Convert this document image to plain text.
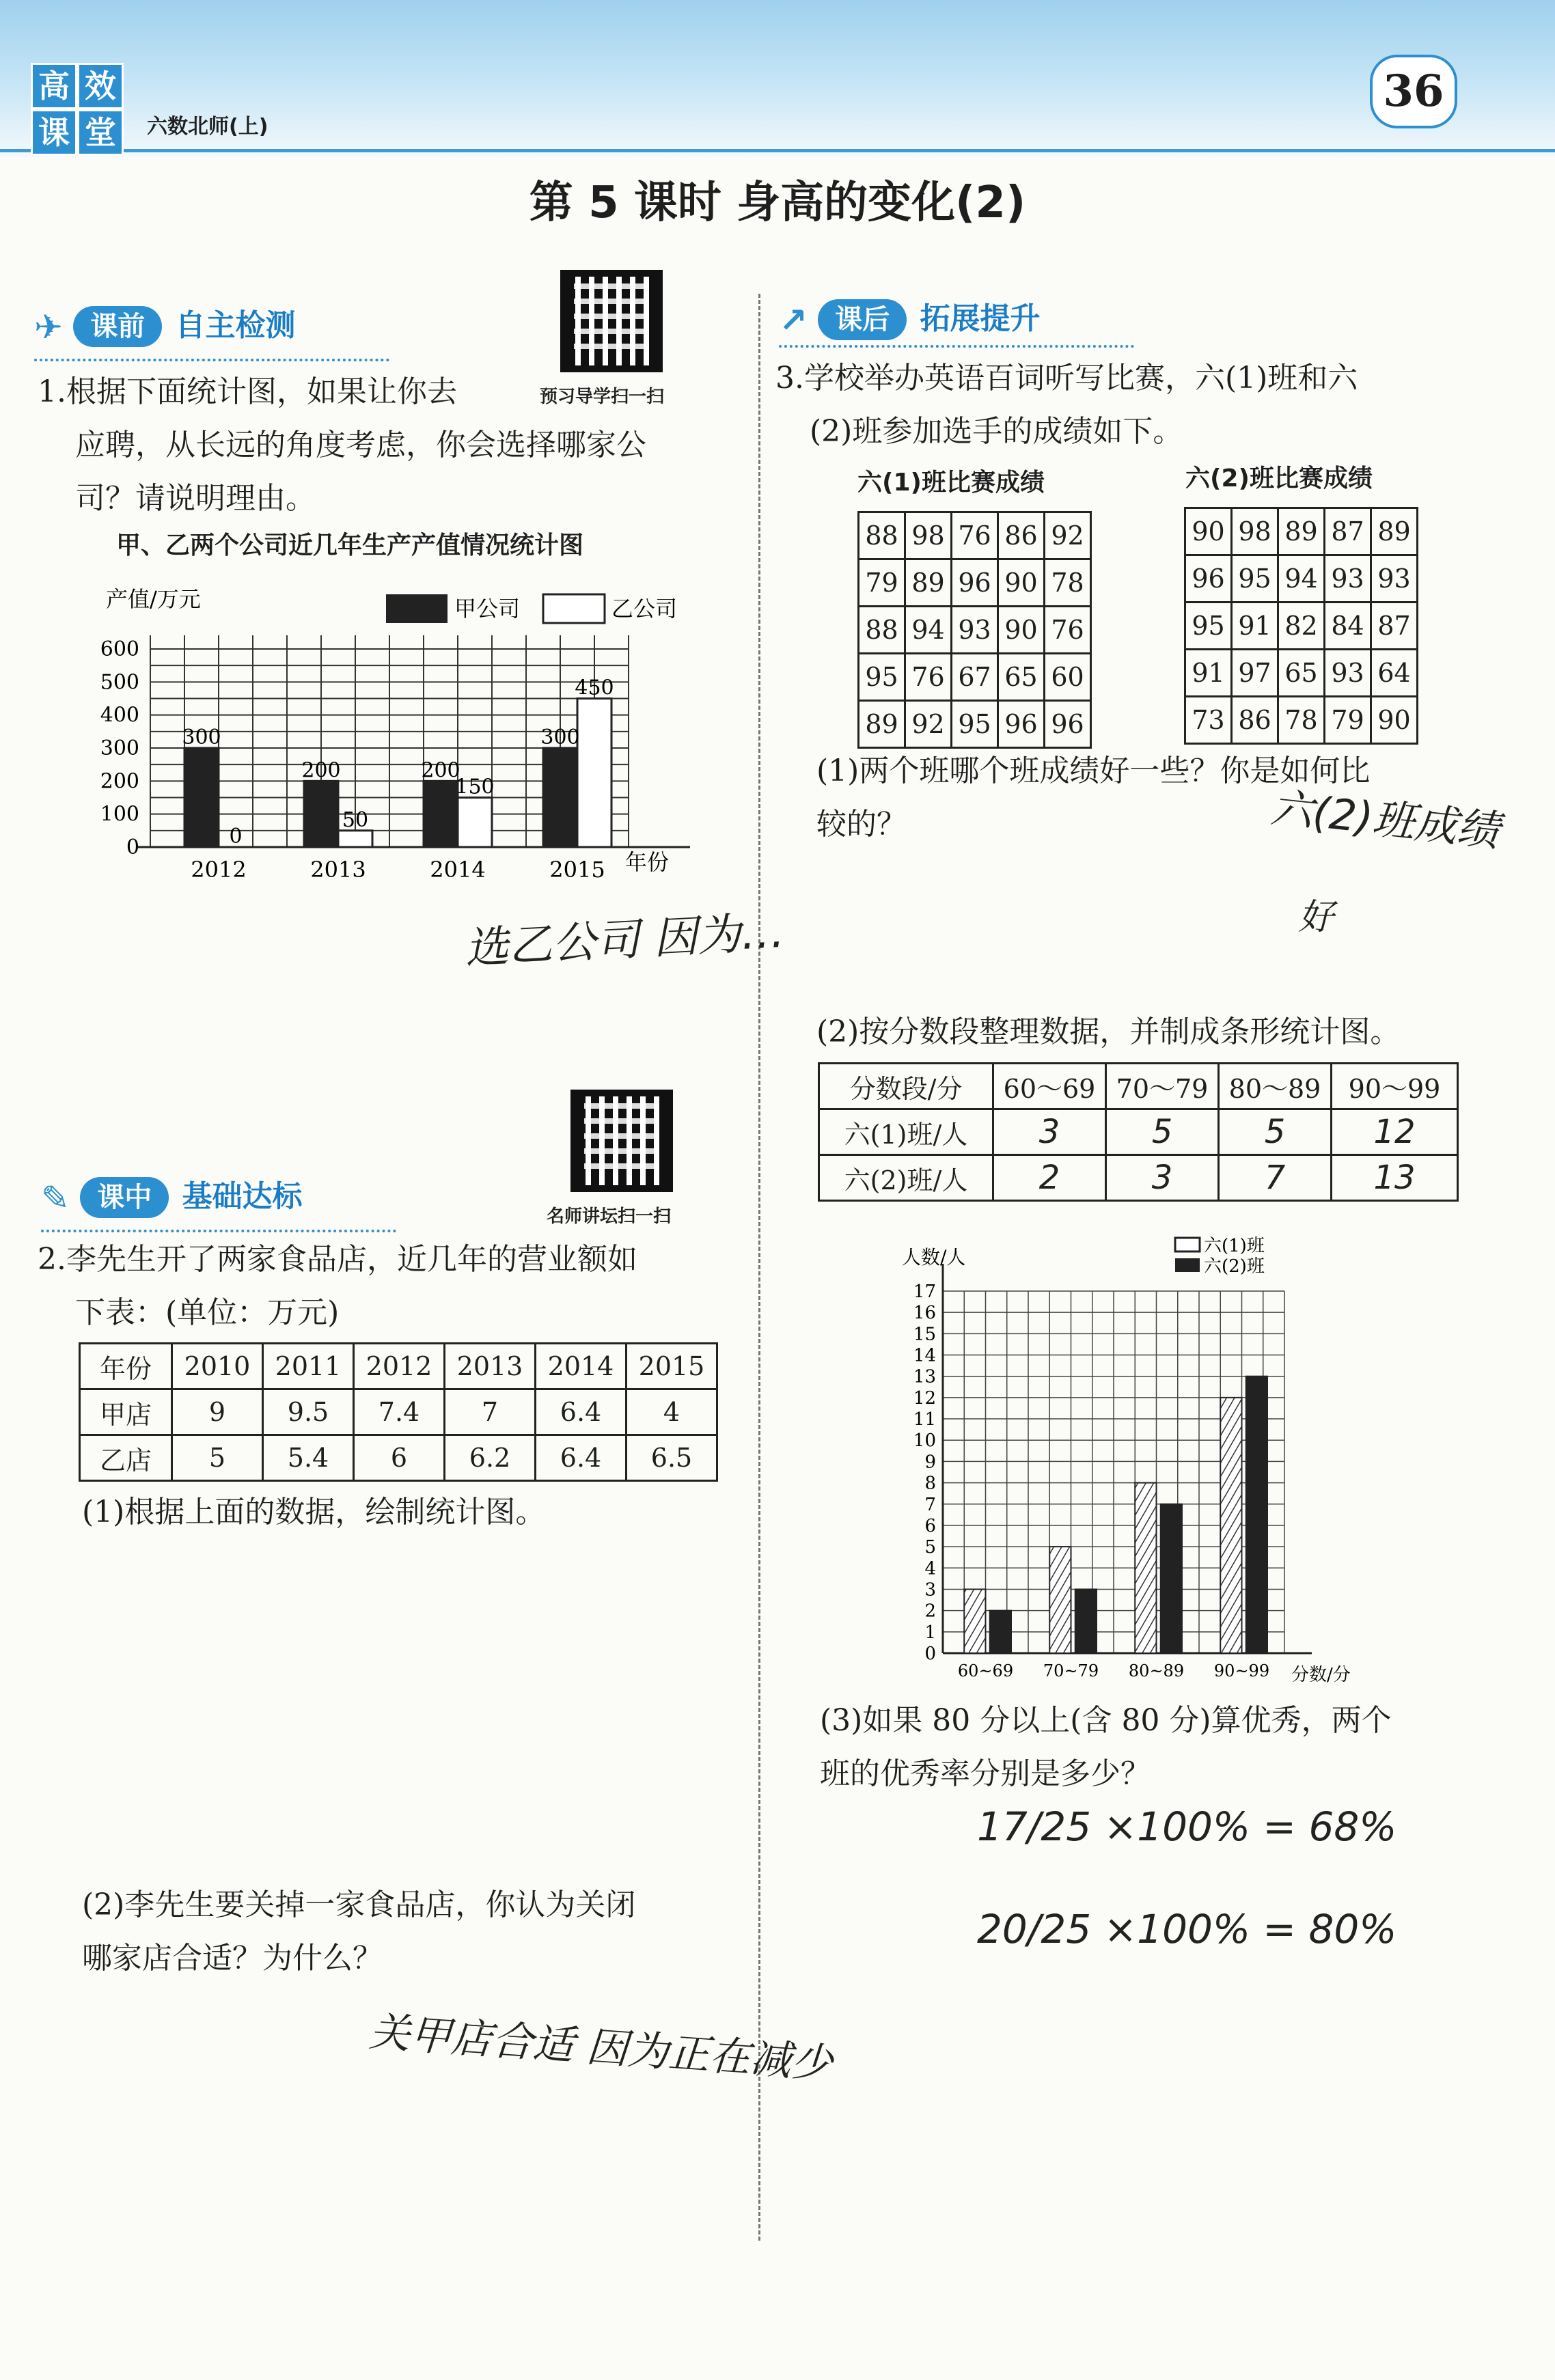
高 效
课 堂	六数北师(上)
36
第 5 课时 身高的变化(2)
✈ 课前 自主检测
预习导学扫一扫
1.根据下面统计图，如果让你去
应聘，从长远的角度考虑，你会选择哪家公
司？请说明理由。
甲、乙两个公司近几年生产产值情况统计图
产值/万元	甲公司	乙公司
0
100
200
300
400
500
600
300
0
2012
200
50
2013
200
150
2014
300
450
2015 年份
选乙公司 因为…
名师讲坛扫一扫
✎ 课中 基础达标
2.李先生开了两家食品店，近几年的营业额如
下表：(单位：万元)
年份	2010	2011	2012	2013	2014	2015
甲店	9	9.5	7.4	7	6.4	4
乙店	5	5.4	6	6.2	6.4	6.5
(1)根据上面的数据，绘制统计图。
(2)李先生要关掉一家食品店，你认为关闭
哪家店合适？为什么？
关甲店合适 因为正在减少
↗ 课后 拓展提升
3.学校举办英语百词听写比赛，六(1)班和六
(2)班参加选手的成绩如下。
六(1)班比赛成绩	六(2)班比赛成绩
88	98	76	86	92
79	89	96	90	78
88	94	93	90	76
95	76	67	65	60
89	92	95	96	96
90	98	89	87	89
96	95	94	93	93
95	91	82	84	87
91	97	65	93	64
73	86	78	79	90
(1)两个班哪个班成绩好一些？你是如何比
较的？	六(2)班成绩
好
(2)按分数段整理数据，并制成条形统计图。
分数段/分	60～69	70～79	80～89	90～99
六(1)班/人	3	5	5	12
六(2)班/人	2	3	7	13
人数/人	六(1)班
六(2)班
0
1
2
3
4
5
6
7
8
9
10
11
12
13
14
15
16
17
60~69 70~79 80~89 90~99 分数/分
(3)如果 80 分以上(含 80 分)算优秀，两个
班的优秀率分别是多少？
17/25 ×100% = 68%
20/25 ×100% = 80%
